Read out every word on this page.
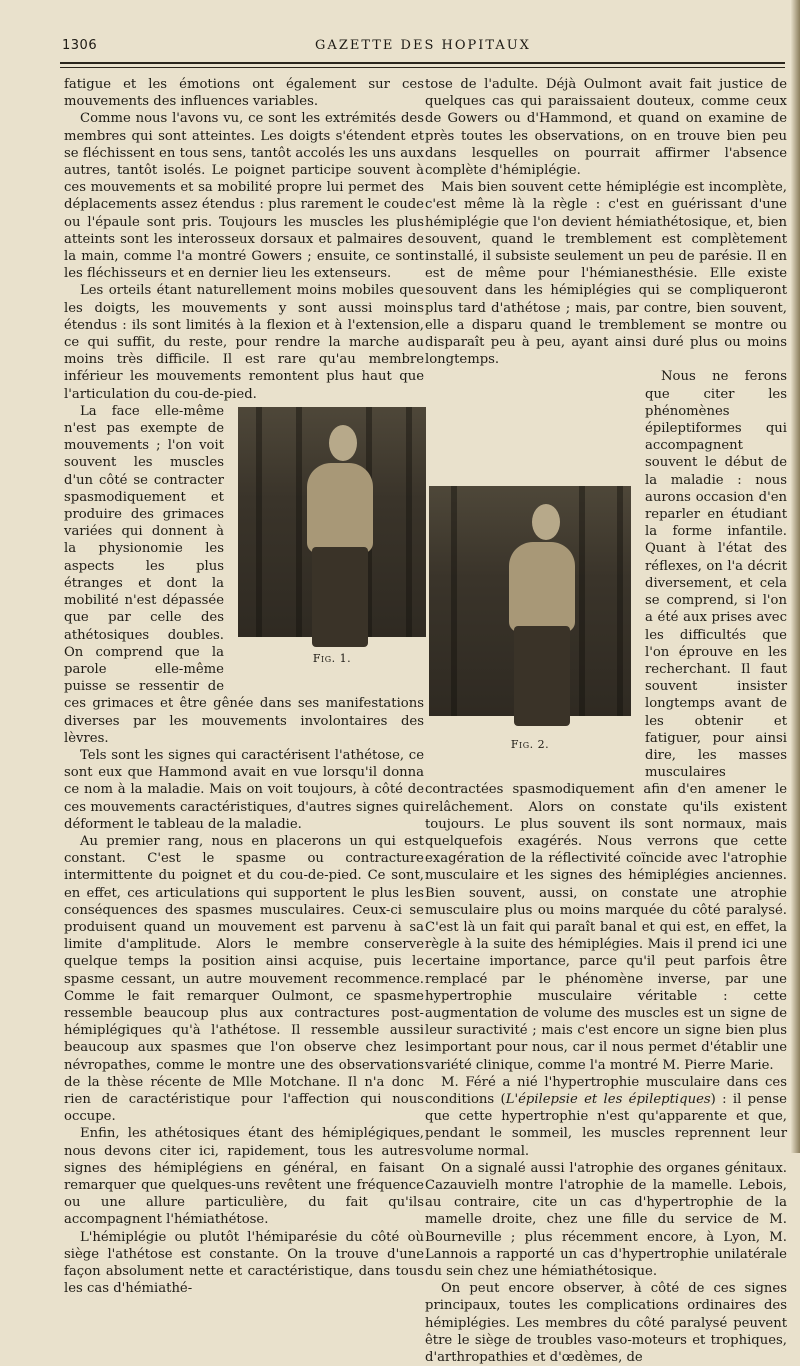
1306	GAZETTE DES HOPITAUX

fatigue et les émotions ont également sur ces mouvements des influences variables.

Comme nous l'avons vu, ce sont les extrémités des membres qui sont atteintes. Les doigts s'étendent et se fléchissent en tous sens, tantôt accolés les uns aux autres, tantôt isolés. Le poignet participe souvent à ces mouvements et sa mobilité propre lui permet des déplacements assez étendus : plus rarement le coude ou l'épaule sont pris. Toujours les muscles les plus atteints sont les interosseux dorsaux et palmaires de la main, comme l'a montré Gowers ; ensuite, ce sont les fléchisseurs et en dernier lieu les extenseurs.

Les orteils étant naturellement moins mobiles que les doigts, les mouvements y sont aussi moins étendus : ils sont limités à la flexion et à l'extension, ce qui suffit, du reste, pour rendre la marche au moins très difficile. Il est rare qu'au membre inférieur les mouvements remontent plus haut que l'articulation du cou-de-pied.

Fig. 1.

La face elle-même n'est pas exempte de mouvements ; l'on voit souvent les muscles d'un côté se contracter spasmodiquement et produire des grimaces variées qui donnent à la physionomie les aspects les plus étranges et dont la mobilité n'est dépassée que par celle des athétosiques doubles. On comprend que la parole elle-même puisse se ressentir de ces grimaces et être gênée dans ses manifestations diverses par les mouvements involontaires des lèvres.

Tels sont les signes qui caractérisent l'athétose, ce sont eux que Hammond avait en vue lorsqu'il donna ce nom à la maladie. Mais on voit toujours, à côté de ces mouvements caractéristiques, d'autres signes qui déforment le tableau de la maladie.

Au premier rang, nous en placerons un qui est constant. C'est le spasme ou contracture intermittente du poignet et du cou-de-pied. Ce sont, en effet, ces articulations qui supportent le plus les conséquences des spasmes musculaires. Ceux-ci se produisent quand un mouvement est parvenu à sa limite d'amplitude. Alors le membre conserve quelque temps la position ainsi acquise, puis le spasme cessant, un autre mouvement recommence. Comme le fait remarquer Oulmont, ce spasme ressemble beaucoup plus aux contractures post-hémiplégiques qu'à l'athétose. Il ressemble aussi beaucoup aux spasmes que l'on observe chez les névropathes, comme le montre une des observations de la thèse récente de Mlle Motchane. Il n'a donc rien de caractéristique pour l'affection qui nous occupe.

Enfin, les athétosiques étant des hémiplégiques, nous devons citer ici, rapidement, tous les autres signes des hémiplégiens en général, en faisant remarquer que quelques-uns revêtent une fréquence ou une allure particulière, du fait qu'ils accompagnent l'hémiathétose.

L'hémiplégie ou plutôt l'hémiparésie du côté où siège l'athétose est constante. On la trouve d'une façon absolument nette et caractéristique, dans tous les cas d'hémiathé-

tose de l'adulte. Déjà Oulmont avait fait justice de quelques cas qui paraissaient douteux, comme ceux de Gowers ou d'Hammond, et quand on examine de près toutes les observations, on en trouve bien peu dans lesquelles on pourrait affirmer l'absence complète d'hémiplégie.

Mais bien souvent cette hémiplégie est incomplète, c'est même là la règle : c'est en guérissant d'une hémiplégie que l'on devient hémiathétosique, et, bien souvent, quand le tremblement est complètement installé, il subsiste seulement un peu de parésie. Il en est de même pour l'hémianesthésie. Elle existe souvent dans les hémiplégies qui se compliqueront plus tard d'athétose ; mais, par contre, bien souvent, elle a disparu quand le tremblement se montre ou disparaît peu à peu, ayant ainsi duré plus ou moins longtemps.

Fig. 2.

Nous ne ferons que citer les phénomènes épileptiformes qui accompagnent souvent le début de la maladie : nous aurons occasion d'en reparler en étudiant la forme infantile. Quant à l'état des réflexes, on l'a décrit diversement, et cela se comprend, si l'on a été aux prises avec les difficultés que l'on éprouve en les recherchant. Il faut souvent insister longtemps avant de les obtenir et fatiguer, pour ainsi dire, les masses musculaires contractées spasmodiquement afin d'en amener le relâchement. Alors on constate qu'ils existent toujours. Le plus souvent ils sont normaux, mais quelquefois exagérés. Nous verrons que cette exagération de la réflectivité coïncide avec l'atrophie musculaire et les signes des hémiplégies anciennes. Bien souvent, aussi, on constate une atrophie musculaire plus ou moins marquée du côté paralysé. C'est là un fait qui paraît banal et qui est, en effet, la règle à la suite des hémiplégies. Mais il prend ici une certaine importance, parce qu'il peut parfois être remplacé par le phénomène inverse, par une hypertrophie musculaire véritable : cette augmentation de volume des muscles est un signe de leur suractivité ; mais c'est encore un signe bien plus important pour nous, car il nous permet d'établir une variété clinique, comme l'a montré M. Pierre Marie.

M. Féré a nié l'hypertrophie musculaire dans ces conditions (L'épilepsie et les épileptiques) : il pense que cette hypertrophie n'est qu'apparente et que, pendant le sommeil, les muscles reprennent leur volume normal.

On a signalé aussi l'atrophie des organes génitaux. Cazauvielh montre l'atrophie de la mamelle. Lebois, au contraire, cite un cas d'hypertrophie de la mamelle droite, chez une fille du service de M. Bourneville ; plus récemment encore, à Lyon, M. Lannois a rapporté un cas d'hypertrophie unilatérale du sein chez une hémiathétosique.

On peut encore observer, à côté de ces signes principaux, toutes les complications ordinaires des hémiplégies. Les membres du côté paralysé peuvent être le siège de troubles vaso-moteurs et trophiques, d'arthropathies et d'œdèmes, de
